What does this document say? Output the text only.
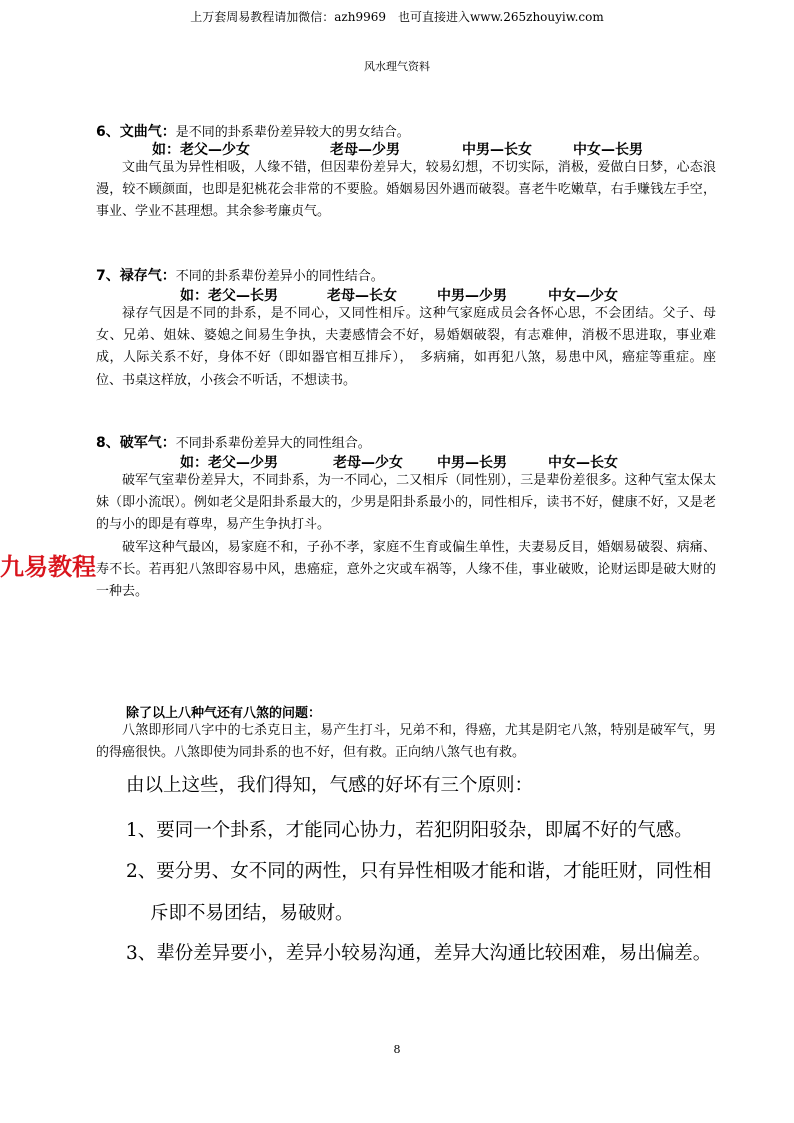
上万套周易教程请加微信：azh9969　也可直接进入www.265zhouyiw.com
风水理气资料
6、文曲气：是不同的卦系辈份差异较大的男女结合。
如： 老父—少女	老母—少男	中男—长女	中女—长男

文曲气虽为异性相吸，人缘不错，但因辈份差异大，较易幻想，不切实际，消极，爱做白日梦，心态浪漫，较不顾颜面，也即是犯桃花会非常的不要脸。婚姻易因外遇而破裂。喜老牛吃嫩草，右手赚钱左手空，事业、学业不甚理想。其余参考廉贞气。

7、禄存气：不同的卦系辈份差异小的同性结合。
如： 老父—长男	老母—长女	中男—少男	中女—少女

禄存气因是不同的卦系，是不同心，又同性相斥。这种气家庭成员会各怀心思，不会团结。父子、母女、兄弟、姐妹、婆媳之间易生争执，夫妻感情会不好，易婚姻破裂，有志难伸，消极不思进取，事业难成，人际关系不好，身体不好（即如器官相互排斥），　多病痛，如再犯八煞，易患中风，癌症等重症。座位、书桌这样放，小孩会不听话，不想读书。

8、破军气：不同卦系辈份差异大的同性组合。
如： 老父—少男	老母—少女 中男—长男	中女—长女

破军气室辈份差异大，不同卦系，为一不同心，二又相斥（同性别），三是辈份差很多。这种气室太保太妹（即小流氓）。例如老父是阳卦系最大的，少男是阳卦系最小的，同性相斥，读书不好，健康不好，又是老的与小的即是有尊卑，易产生争执打斗。

破军这种气最凶，易家庭不和，子孙不孝，家庭不生育或偏生单性，夫妻易反目，婚姻易破裂、病痛、寿不长。若再犯八煞即容易中风，患癌症，意外之灾或车祸等，人缘不佳，事业破败，论财运即是破大财的一种去。

九易教程
除了以上八种气还有八煞的问题：

八煞即形同八字中的七杀克日主，易产生打斗，兄弟不和，得癌，尤其是阴宅八煞，特别是破军气，男的得癌很快。八煞即使为同卦系的也不好，但有救。正向纳八煞气也有救。

由以上这些，我们得知，气感的好坏有三个原则：
1、要同一个卦系，才能同心协力，若犯阴阳驳杂，即属不好的气感。
2、要分男、女不同的两性，只有异性相吸才能和谐，才能旺财，同性相
斥即不易团结，易破财。
3、辈份差异要小，差异小较易沟通，差异大沟通比较困难，易出偏差。
8
